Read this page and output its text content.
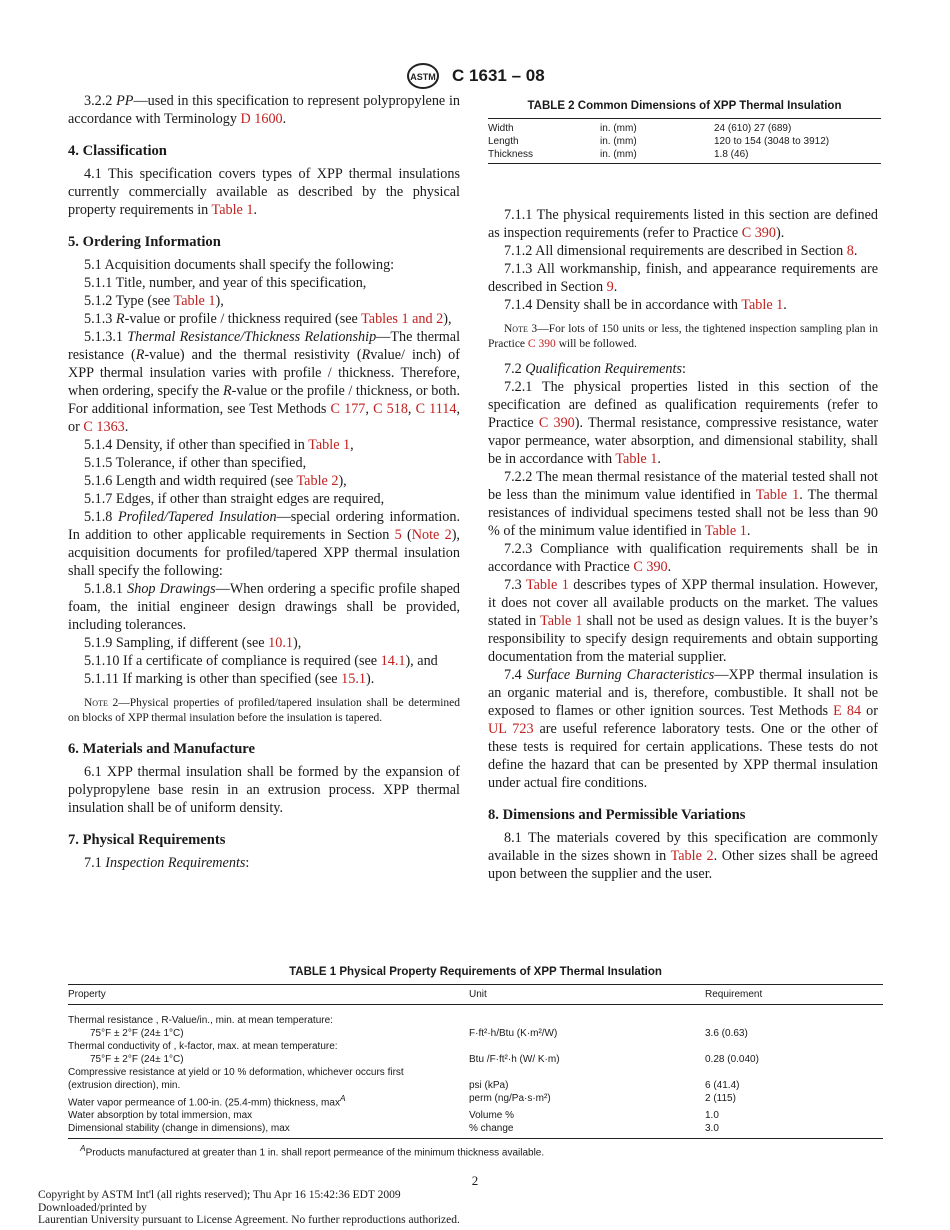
ASTM C 1631 – 08

3.2.2 PP—used in this specification to represent polypropylene in accordance with Terminology D 1600.

4. Classification

4.1 This specification covers types of XPP thermal insulations currently commercially available as described by the physical property requirements in Table 1.

5. Ordering Information

5.1 Acquisition documents shall specify the following:

5.1.1 Title, number, and year of this specification,

5.1.2 Type (see Table 1),

5.1.3 R-value or profile / thickness required (see Tables 1 and 2),

5.1.3.1 Thermal Resistance/Thickness Relationship—The thermal resistance (R-value) and the thermal resistivity (Rvalue/ inch) of XPP thermal insulation varies with profile / thickness. Therefore, when ordering, specify the R-value or the profile / thickness, or both. For additional information, see Test Methods C 177, C 518, C 1114, or C 1363.

5.1.4 Density, if other than specified in Table 1,

5.1.5 Tolerance, if other than specified,

5.1.6 Length and width required (see Table 2),

5.1.7 Edges, if other than straight edges are required,

5.1.8 Profiled/Tapered Insulation—special ordering information. In addition to other applicable requirements in Section 5 (Note 2), acquisition documents for profiled/tapered XPP thermal insulation shall specify the following:

5.1.8.1 Shop Drawings—When ordering a specific profile shaped foam, the initial engineer design drawings shall be provided, including tolerances.

5.1.9 Sampling, if different (see 10.1),

5.1.10 If a certificate of compliance is required (see 14.1), and

5.1.11 If marking is other than specified (see 15.1).

Note 2—Physical properties of profiled/tapered insulation shall be determined on blocks of XPP thermal insulation before the insulation is tapered.
6. Materials and Manufacture

6.1 XPP thermal insulation shall be formed by the expansion of polypropylene base resin in an extrusion process. XPP thermal insulation shall be of uniform density.

7. Physical Requirements

7.1 Inspection Requirements:

TABLE 2 Common Dimensions of XPP Thermal Insulation
Width	in. (mm)	24 (610) 27 (689)
Length	in. (mm)	120 to 154 (3048 to 3912)
Thickness	in. (mm)	1.8 (46)

7.1.1 The physical requirements listed in this section are defined as inspection requirements (refer to Practice C 390).

7.1.2 All dimensional requirements are described in Section 8.

7.1.3 All workmanship, finish, and appearance requirements are described in Section 9.

7.1.4 Density shall be in accordance with Table 1.

Note 3—For lots of 150 units or less, the tightened inspection sampling plan in Practice C 390 will be followed.

7.2 Qualification Requirements:

7.2.1 The physical properties listed in this section of the specification are defined as qualification requirements (refer to Practice C 390). Thermal resistance, compressive resistance, water vapor permeance, water absorption, and dimensional stability, shall be in accordance with Table 1.

7.2.2 The mean thermal resistance of the material tested shall not be less than the minimum value identified in Table 1. The thermal resistances of individual specimens tested shall not be less than 90 % of the minimum value identified in Table 1.

7.2.3 Compliance with qualification requirements shall be in accordance with Practice C 390.

7.3 Table 1 describes types of XPP thermal insulation. However, it does not cover all available products on the market. The values stated in Table 1 shall not be used as design values. It is the buyer’s responsibility to specify design requirements and obtain supporting documentation from the material supplier.

7.4 Surface Burning Characteristics—XPP thermal insulation is an organic material and is, therefore, combustible. It shall not be exposed to flames or other ignition sources. Test Methods E 84 or UL 723 are useful reference laboratory tests. One or the other of these tests is required for certain applications. These tests do not define the hazard that can be presented by XPP thermal insulation under actual fire conditions.

8. Dimensions and Permissible Variations

8.1 The materials covered by this specification are commonly available in the sizes shown in Table 2. Other sizes shall be agreed upon between the supplier and the user.

TABLE 1 Physical Property Requirements of XPP Thermal Insulation
Property	Unit	Requirement
Thermal resistance , R-Value/in., min. at mean temperature:		
75°F ± 2°F (24± 1°C)	F·ft²·h/Btu (K·m²/W)	3.6 (0.63)
Thermal conductivity of , k-factor, max. at mean temperature:		
75°F ± 2°F (24± 1°C)	Btu /F·ft²·h (W/ K·m)	0.28 (0.040)
Compressive resistance at yield or 10 % deformation, whichever occurs first		
(extrusion direction), min.	psi (kPa)	6 (41.4)
Water vapor permeance of 1.00-in. (25.4-mm) thickness, $\max^A$	perm (ng/Pa·s·m²)	2 (115)
Water absorption by total immersion, max	Volume %	1.0
Dimensional stability (change in dimensions), max	% change	3.0
$^A$Products manufactured at greater than 1 in. shall report permeance of the minimum thickness available.
2
Copyright by ASTM Int'l (all rights reserved); Thu Apr 16 15:42:36 EDT 2009
Downloaded/printed by
Laurentian University pursuant to License Agreement. No further reproductions authorized.
